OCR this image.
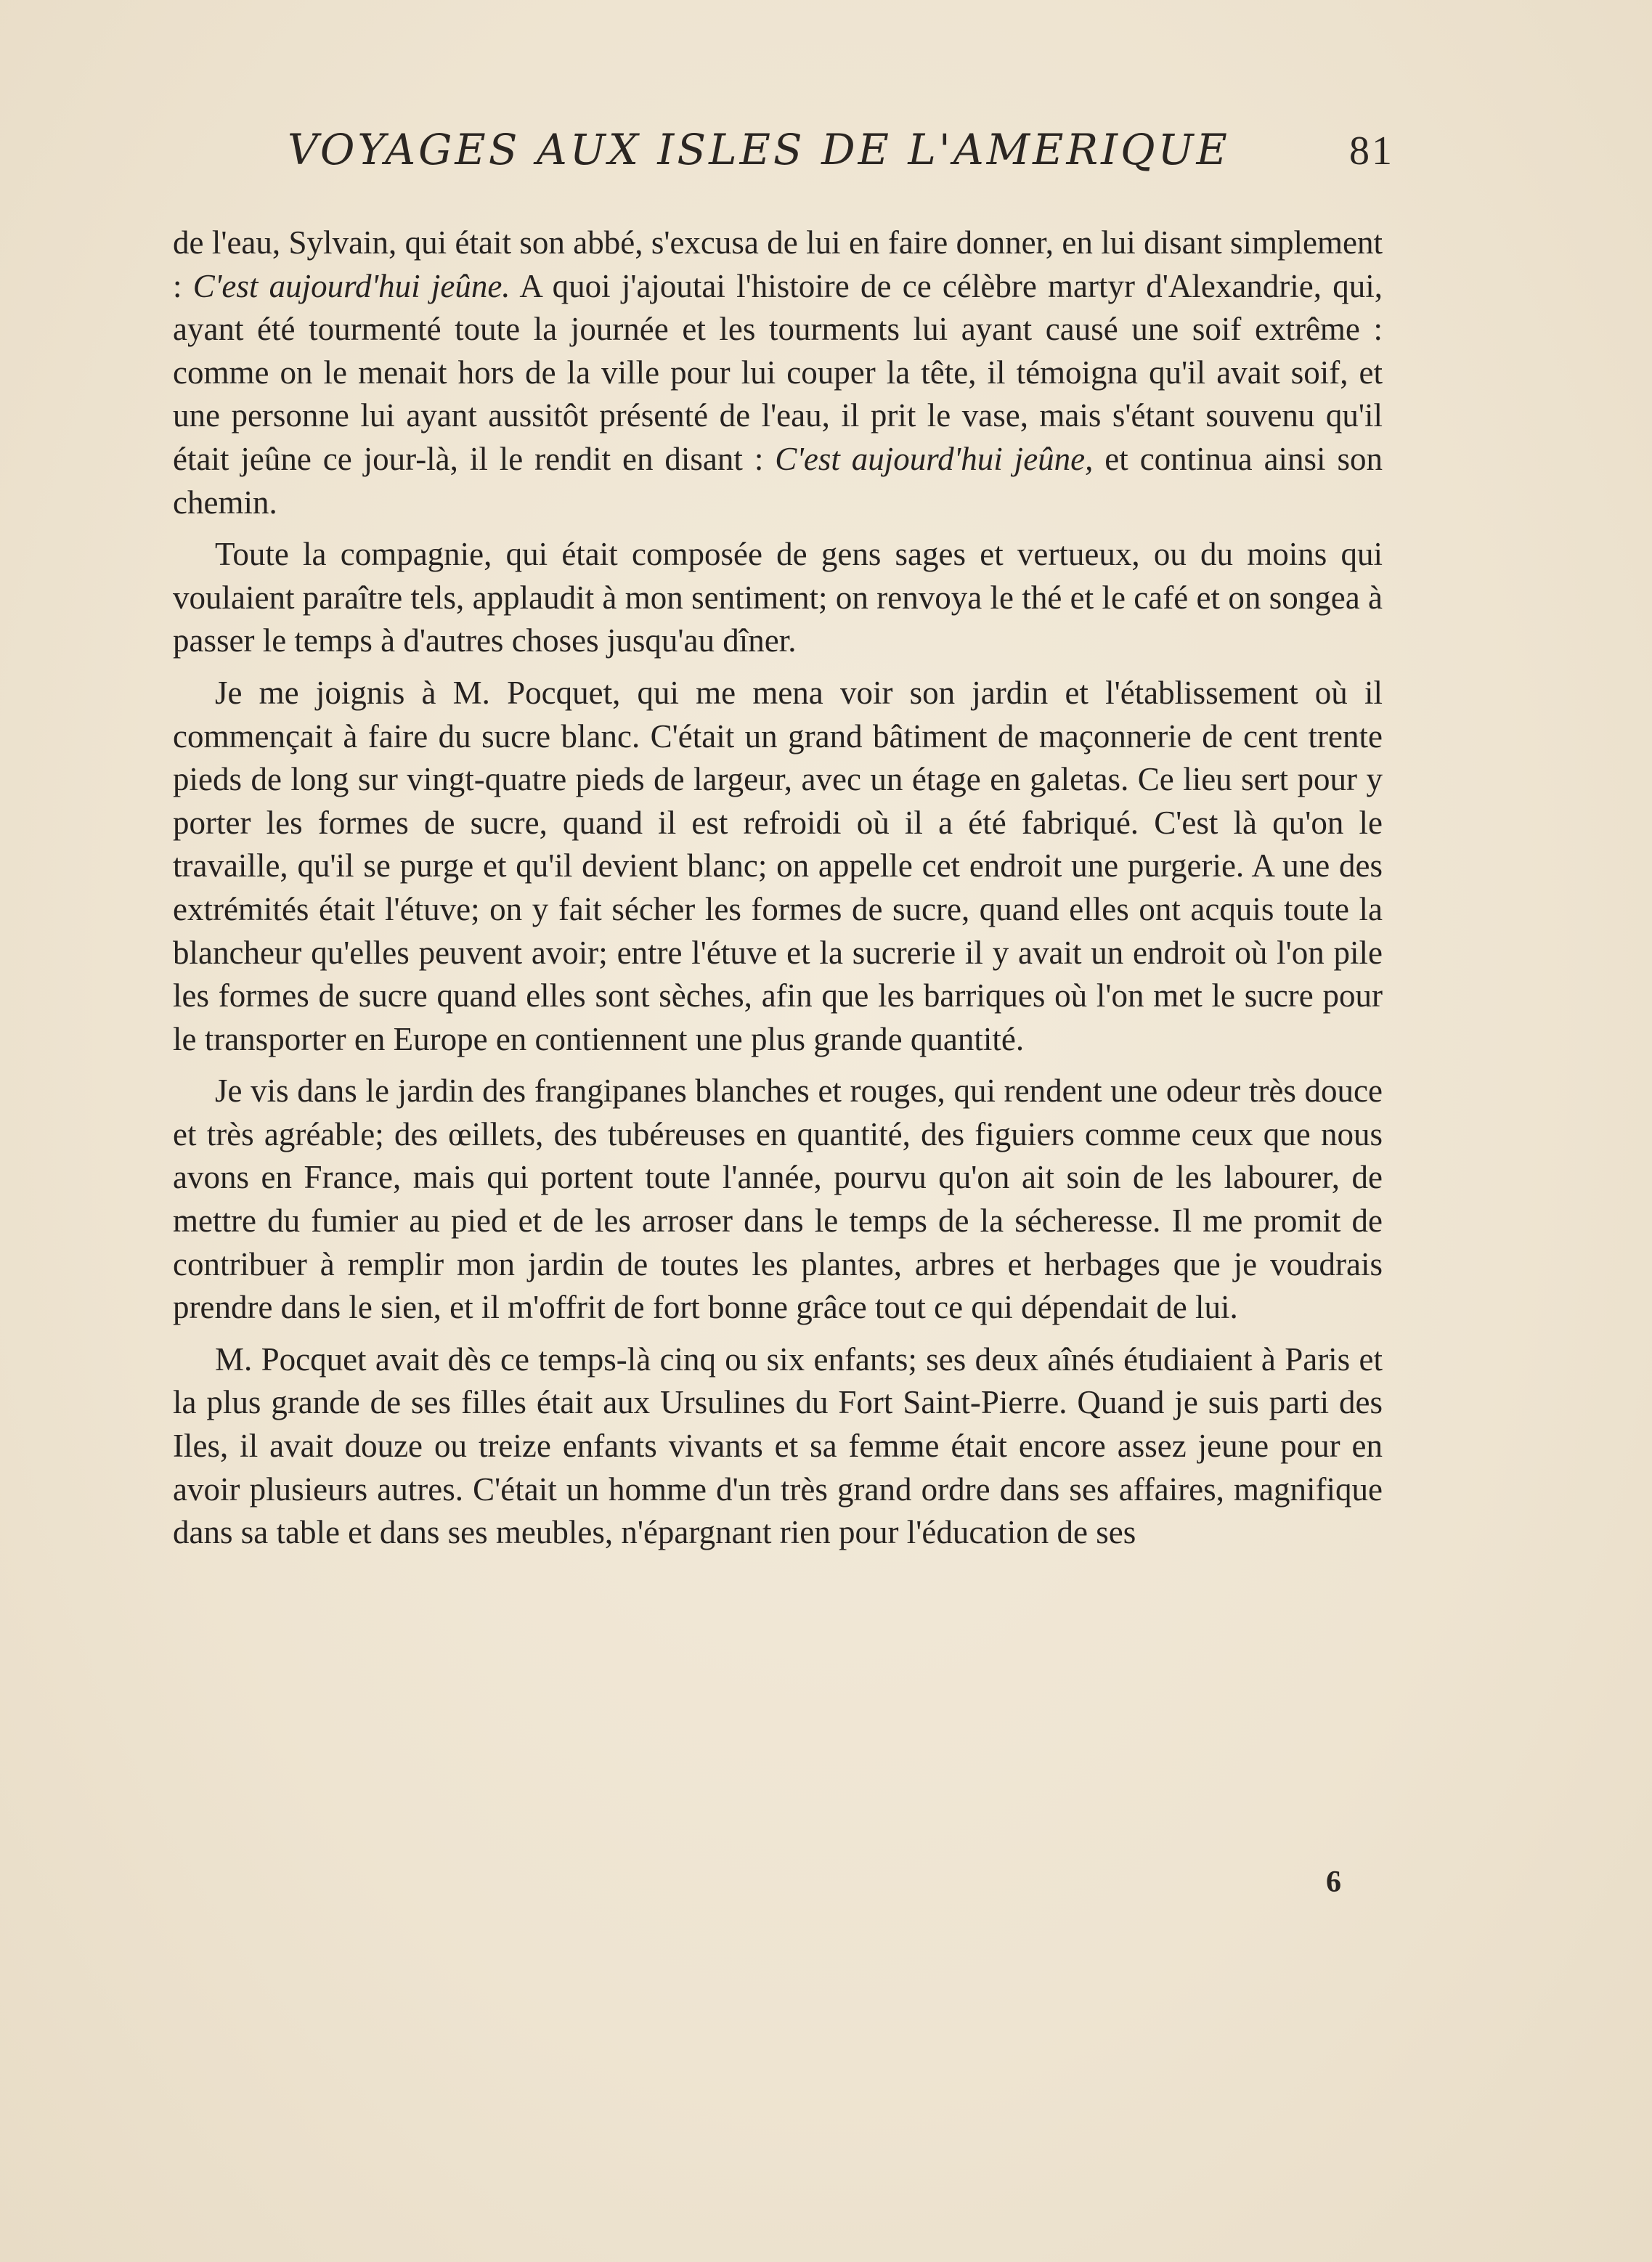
VOYAGES AUX ISLES DE L'AMERIQUE	81

de l'eau, Sylvain, qui était son abbé, s'excusa de lui en faire donner, en lui disant simplement : C'est aujourd'hui jeûne. A quoi j'ajoutai l'histoire de ce célèbre martyr d'Alexandrie, qui, ayant été tourmenté toute la journée et les tourments lui ayant causé une soif extrême : comme on le menait hors de la ville pour lui couper la tête, il témoigna qu'il avait soif, et une personne lui ayant aussitôt présenté de l'eau, il prit le vase, mais s'étant souvenu qu'il était jeûne ce jour-là, il le rendit en disant : C'est aujourd'hui jeûne, et continua ainsi son chemin.

Toute la compagnie, qui était composée de gens sages et vertueux, ou du moins qui voulaient paraître tels, applaudit à mon sentiment; on renvoya le thé et le café et on songea à passer le temps à d'autres choses jusqu'au dîner.

Je me joignis à M. Pocquet, qui me mena voir son jardin et l'établissement où il commençait à faire du sucre blanc. C'était un grand bâtiment de maçonnerie de cent trente pieds de long sur vingt-quatre pieds de largeur, avec un étage en galetas. Ce lieu sert pour y porter les formes de sucre, quand il est refroidi où il a été fabriqué. C'est là qu'on le travaille, qu'il se purge et qu'il devient blanc; on appelle cet endroit une purgerie. A une des extrémités était l'étuve; on y fait sécher les formes de sucre, quand elles ont acquis toute la blancheur qu'elles peuvent avoir; entre l'étuve et la sucrerie il y avait un endroit où l'on pile les formes de sucre quand elles sont sèches, afin que les barriques où l'on met le sucre pour le transporter en Europe en contiennent une plus grande quantité.

Je vis dans le jardin des frangipanes blanches et rouges, qui rendent une odeur très douce et très agréable; des œillets, des tubéreuses en quantité, des figuiers comme ceux que nous avons en France, mais qui portent toute l'année, pourvu qu'on ait soin de les labourer, de mettre du fumier au pied et de les arroser dans le temps de la sécheresse. Il me promit de contribuer à remplir mon jardin de toutes les plantes, arbres et herbages que je voudrais prendre dans le sien, et il m'offrit de fort bonne grâce tout ce qui dépendait de lui.

M. Pocquet avait dès ce temps-là cinq ou six enfants; ses deux aînés étudiaient à Paris et la plus grande de ses filles était aux Ursulines du Fort Saint-Pierre. Quand je suis parti des Iles, il avait douze ou treize enfants vivants et sa femme était encore assez jeune pour en avoir plusieurs autres. C'était un homme d'un très grand ordre dans ses affaires, magnifique dans sa table et dans ses meubles, n'épargnant rien pour l'éducation de ses

6
